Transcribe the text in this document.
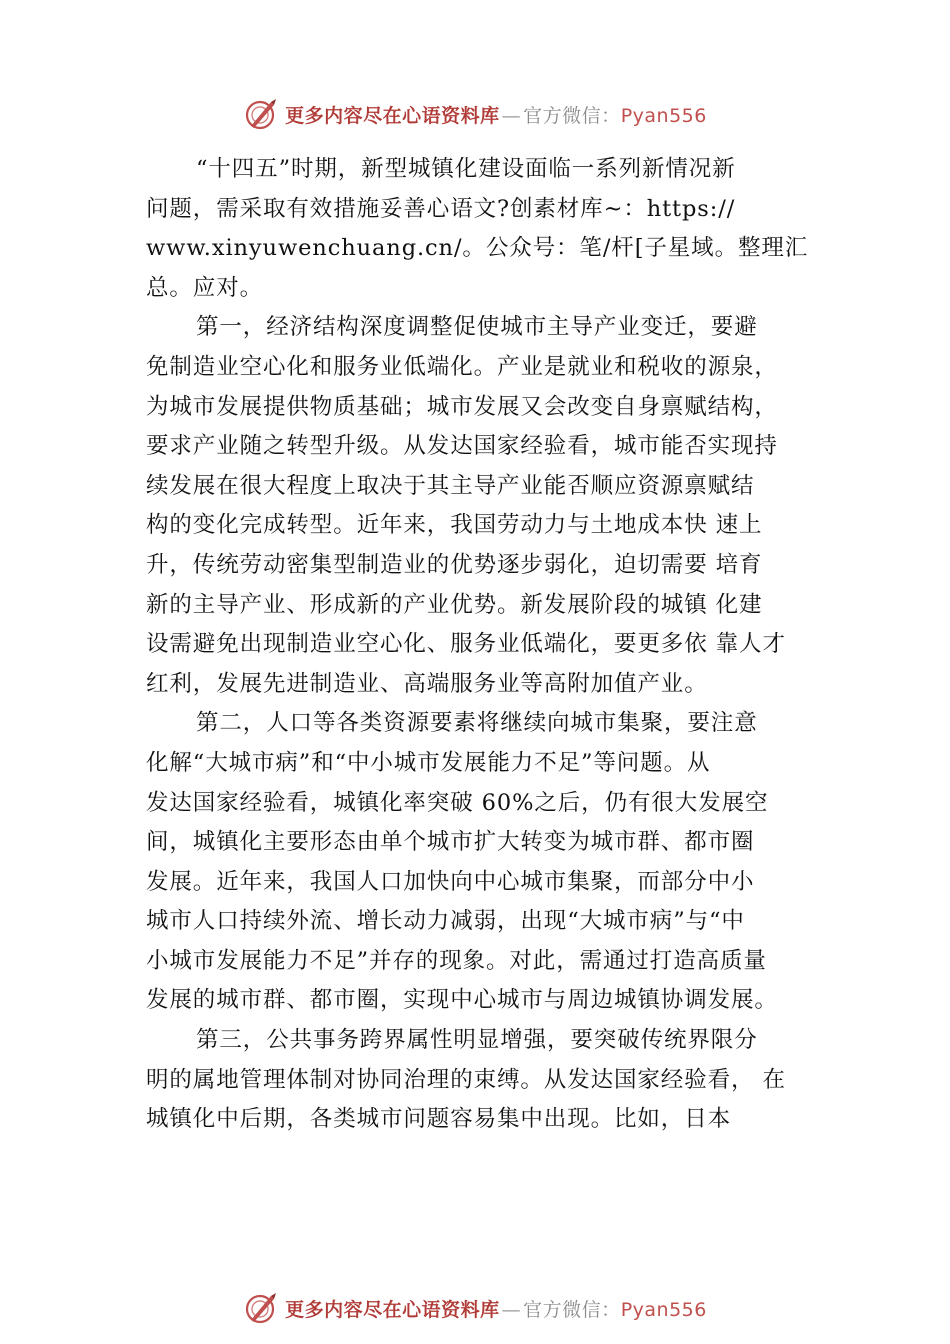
更多内容尽在心语资料库 — 官方微信：Pyan556
“十四五”时期，新型城镇化建设面临一系列新情况新
问题，需采取有效措施妥善心语文?创素材库~：https://
www.xinyuwenchuang.cn/。公众号：笔/杆[子星域。整理汇
总。应对。
第一，经济结构深度调整促使城市主导产业变迁，要避
免制造业空心化和服务业低端化。产业是就业和税收的源泉，
为城市发展提供物质基础；城市发展又会改变自身禀赋结构，
要求产业随之转型升级。从发达国家经验看，城市能否实现持
续发展在很大程度上取决于其主导产业能否顺应资源禀赋结
构的变化完成转型。近年来，我国劳动力与土地成本快 速上
升，传统劳动密集型制造业的优势逐步弱化，迫切需要 培育
新的主导产业、形成新的产业优势。新发展阶段的城镇 化建
设需避免出现制造业空心化、服务业低端化，要更多依 靠人才
红利，发展先进制造业、高端服务业等高附加值产业。
第二，人口等各类资源要素将继续向城市集聚，要注意
化解“大城市病”和“中小城市发展能力不足”等问题。从
发达国家经验看，城镇化率突破 60%之后，仍有很大发展空
间，城镇化主要形态由单个城市扩大转变为城市群、都市圈
发展。近年来，我国人口加快向中心城市集聚，而部分中小
城市人口持续外流、增长动力减弱，出现“大城市病”与“中
小城市发展能力不足”并存的现象。对此，需通过打造高质量
发展的城市群、都市圈，实现中心城市与周边城镇协调发展。
第三，公共事务跨界属性明显增强，要突破传统界限分
明的属地管理体制对协同治理的束缚。从发达国家经验看， 在
城镇化中后期，各类城市问题容易集中出现。比如，日本
更多内容尽在心语资料库 — 官方微信：Pyan556
